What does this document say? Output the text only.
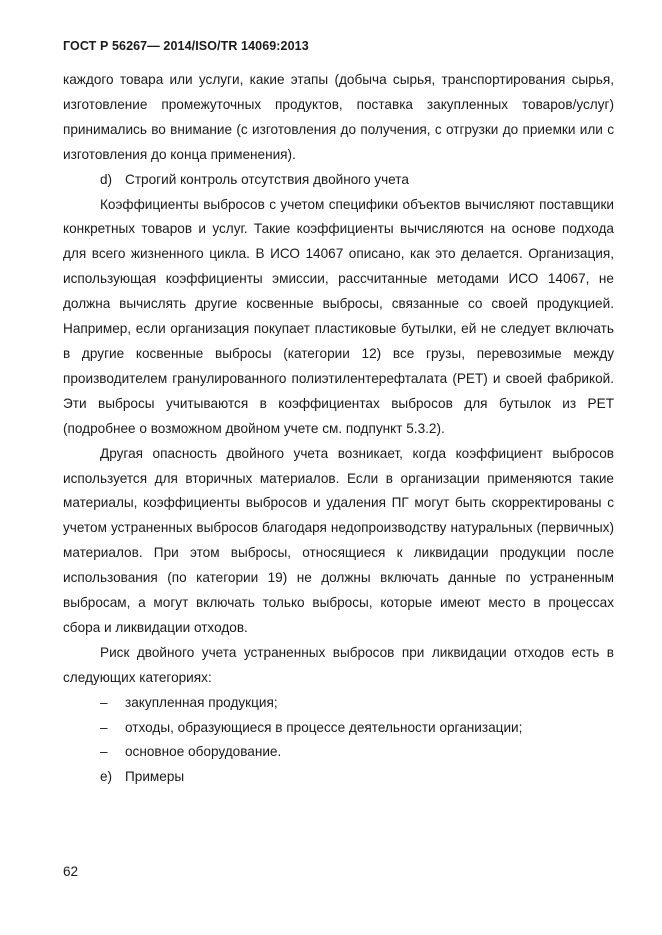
ГОСТ Р 56267— 2014/ISO/TR 14069:2013

каждого товара или услуги, какие этапы (добыча сырья, транспортирования сырья, изготовление промежуточных продуктов, поставка закупленных товаров/услуг) принимались во внимание (с изготовления до получения, с отгрузки до приемки или с изготовления до конца применения).

d) Строгий контроль отсутствия двойного учета

Коэффициенты выбросов с учетом специфики объектов вычисляют поставщики конкретных товаров и услуг. Такие коэффициенты вычисляются на основе подхода для всего жизненного цикла. В ИСО 14067 описано, как это делается. Организация, использующая коэффициенты эмиссии, рассчитанные методами ИСО 14067, не должна вычислять другие косвенные выбросы, связанные со своей продукцией. Например, если организация покупает пластиковые бутылки, ей не следует включать в другие косвенные выбросы (категории 12) все грузы, перевозимые между производителем гранулированного полиэтилентерефталата (PET) и своей фабрикой. Эти выбросы учитываются в коэффициентах выбросов для бутылок из PET (подробнее о возможном двойном учете см. подпункт 5.3.2).

Другая опасность двойного учета возникает, когда коэффициент выбросов используется для вторичных материалов. Если в организации применяются такие материалы, коэффициенты выбросов и удаления ПГ могут быть скорректированы с учетом устраненных выбросов благодаря недопроизводству натуральных (первичных) материалов. При этом выбросы, относящиеся к ликвидации продукции после использования (по категории 19) не должны включать данные по устраненным выбросам, а могут включать только выбросы, которые имеют место в процессах сбора и ликвидации отходов.

Риск двойного учета устраненных выбросов при ликвидации отходов есть в следующих категориях:

– закупленная продукция;

– отходы, образующиеся в процессе деятельности организации;

– основное оборудование.

e) Примеры

62
